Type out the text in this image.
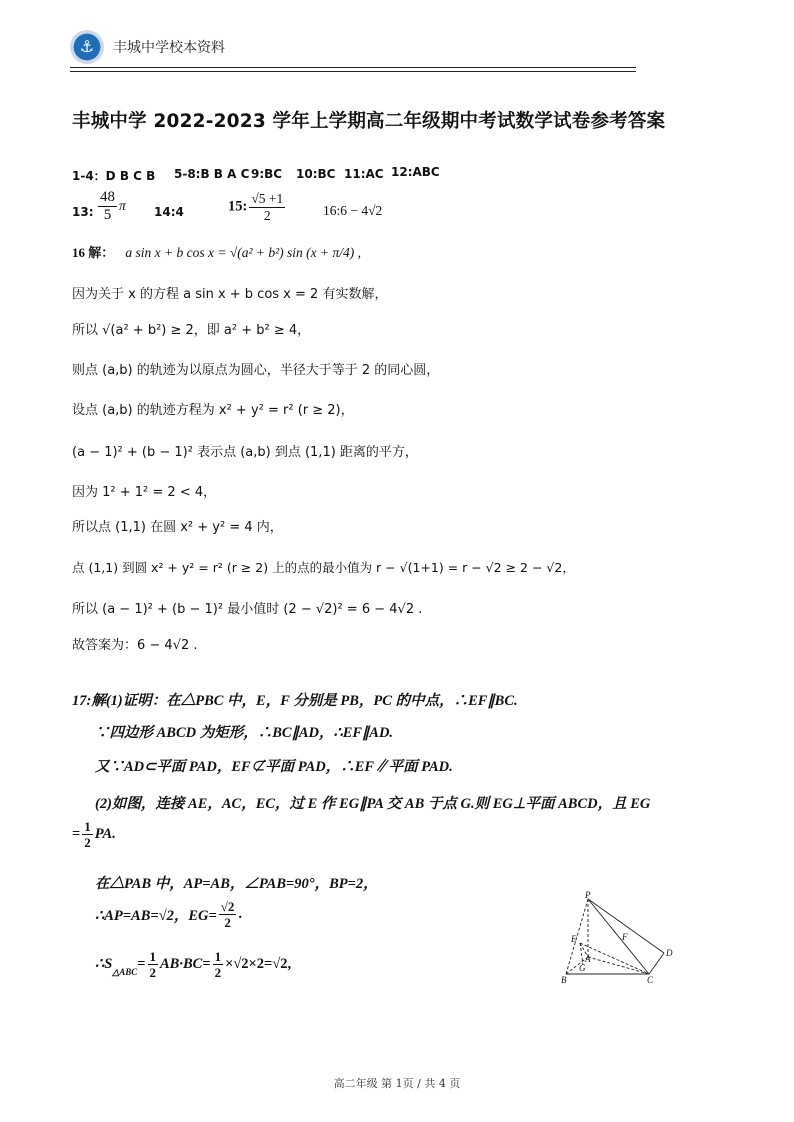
⚓ 丰城中学校本资料
丰城中学 2022-2023 学年上学期高二年级期中考试数学试卷参考答案
1-4：D B C B 5-8:B B A C 9:BC 10:BC 11:AC 12:ABC
13: $\frac{48}{5}$ π 14:4	15: $\frac{√5 +1}{2}$	16:6 − 4√2
16 解： a sin x + b cos x = √(a² + b²) sin (x + π/4) ,
因为关于 x 的方程 a sin x + b cos x = 2 有实数解，
所以 √(a² + b²) ≥ 2，即 a² + b² ≥ 4，
则点 (a,b) 的轨迹为以原点为圆心，半径大于等于 2 的同心圆，
设点 (a,b) 的轨迹方程为 x² + y² = r² (r ≥ 2)，
(a − 1)² + (b − 1)² 表示点 (a,b) 到点 (1,1) 距离的平方，
因为 1² + 1² = 2 < 4，
所以点 (1,1) 在圆 x² + y² = 4 内，
点 (1,1) 到圆 x² + y² = r² (r ≥ 2) 上的点的最小值为 r − √(1+1) = r − √2 ≥ 2 − √2，
所以 (a − 1)² + (b − 1)² 最小值时 (2 − √2)² = 6 − 4√2 .
故答案为：6 − 4√2 .
17:解(1)证明：在△PBC 中，E，F 分别是 PB，PC 的中点，∴EF∥BC.
∵四边形 ABCD 为矩形，∴BC∥AD，∴EF∥AD.
又∵AD⊂平面 PAD，EF⊄平面 PAD，∴EF∥平面 PAD.
(2)如图，连接 AE，AC，EC，过 E 作 EG∥PA 交 AB 于点 G.则 EG⊥平面 ABCD，且 EG
= $\frac{1}{2}$ PA.
在△PAB 中，AP=AB，∠PAB=90°，BP=2，
∴AP=AB=√2，$EG= \frac{√2}{2}$ .
$\therefore S_{\triangle ABC}= \frac{1}{2} AB\cdot BC= \frac{1}{2} \times√2\times 2=√2$,
P
E	F
A
G
B	C
D
高二年级 第 1页 / 共 4 页
